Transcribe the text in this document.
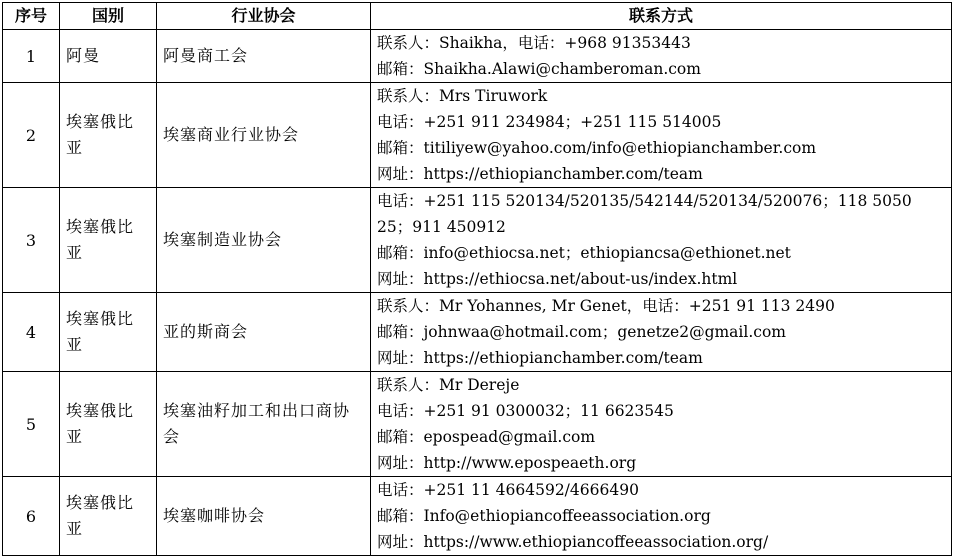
序号	国别	行业协会	联系方式
1	阿曼	阿曼商工会	联系人：Shaikha，电话：+968 91353443
邮箱：Shaikha.Alawi@chamberoman.com

2	埃塞俄比亚	埃塞商业行业协会	联系人：Mrs Tiruwork
电话：+251 911 234984；+251 115 514005
邮箱：titiliyew@yahoo.com/info@ethiopianchamber.com
网址：https://ethiopianchamber.com/team

3	埃塞俄比亚	埃塞制造业协会	电话：+251 115 520134/520135/542144/520134/520076；118 5050 25；911 450912
邮箱：info@ethiocsa.net；ethiopiancsa@ethionet.net
网址：https://ethiocsa.net/about-us/index.html

4	埃塞俄比亚	亚的斯商会	联系人：Mr Yohannes, Mr Genet，电话：+251 91 113 2490
邮箱：johnwaa@hotmail.com；genetze2@gmail.com
网址：https://ethiopianchamber.com/team

5	埃塞俄比亚	埃塞油籽加工和出口商协会	联系人：Mr Dereje
电话：+251 91 0300032；11 6623545
邮箱：epospead@gmail.com
网址：http://www.epospeaeth.org

6	埃塞俄比亚	埃塞咖啡协会	电话：+251 11 4664592/4666490
邮箱：Info@ethiopiancoffeeassociation.org
网址：https://www.ethiopiancoffeeassociation.org/
